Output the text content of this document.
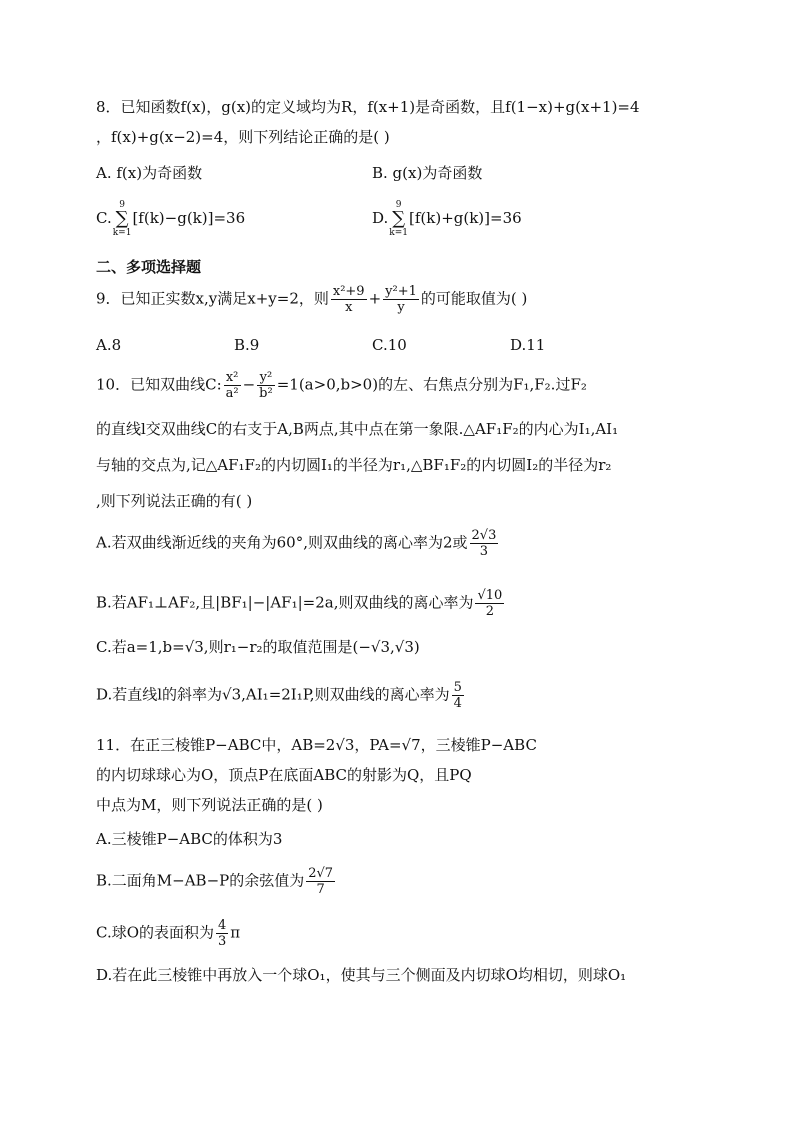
8．已知函数f(x)，g(x)的定义域均为R，f(x+1)是奇函数，且f(1−x)+g(x+1)=4
，f(x)+g(x−2)=4，则下列结论正确的是( )
A. f(x)为奇函数	B. g(x)为奇函数
C.
9
∑
k=1
[f(k)−g(k)]=36	D.
9
∑
k=1
[f(k)+g(k)]=36
二、多项选择题
9．已知正实数x,y满足x+y=2，则 $\frac{\text{x²+9}}{x} + \frac{\text{y²+1}}{y}$ 的可能取值为( )
A.8	B.9	C.10	D.11
10．已知双曲线C: $\frac{\text{x²}}{\text{a²}} - \frac{\text{y²}}{\text{b²}} =1(a>0,b>0)$的左、右焦点分别为F₁,F₂.过F₂
的直线l交双曲线C的右支于A,B两点,其中点在第一象限.△AF₁F₂的内心为I₁,AI₁
与轴的交点为,记△AF₁F₂的内切圆I₁的半径为r₁,△BF₁F₂的内切圆I₂的半径为r₂
,则下列说法正确的有( )
A.若双曲线渐近线的夹角为60°,则双曲线的离心率为2或 $\frac{2√3}{3}$
B.若AF₁⊥AF₂,且|BF₁|−|AF₁|=2a,则双曲线的离心率为 $\frac{√10}{2}$
C.若a=1,b=√3,则r₁−r₂的取值范围是(−√3,√3)
D.若直线l的斜率为√3,AI₁=2I₁P,则双曲线的离心率为 $\frac{5}{4}$
11．在正三棱锥P−ABC中，AB=2√3，PA=√7，三棱锥P−ABC
的内切球球心为O，顶点P在底面ABC的射影为Q，且PQ
中点为M，则下列说法正确的是( )
A.三棱锥P−ABC的体积为3
B.二面角M−AB−P的余弦值为 $\frac{2√7}{7}$
C.球O的表面积为 $\frac{4}{3}$ π
D.若在此三棱锥中再放入一个球O₁，使其与三个侧面及内切球O均相切，则球O₁
